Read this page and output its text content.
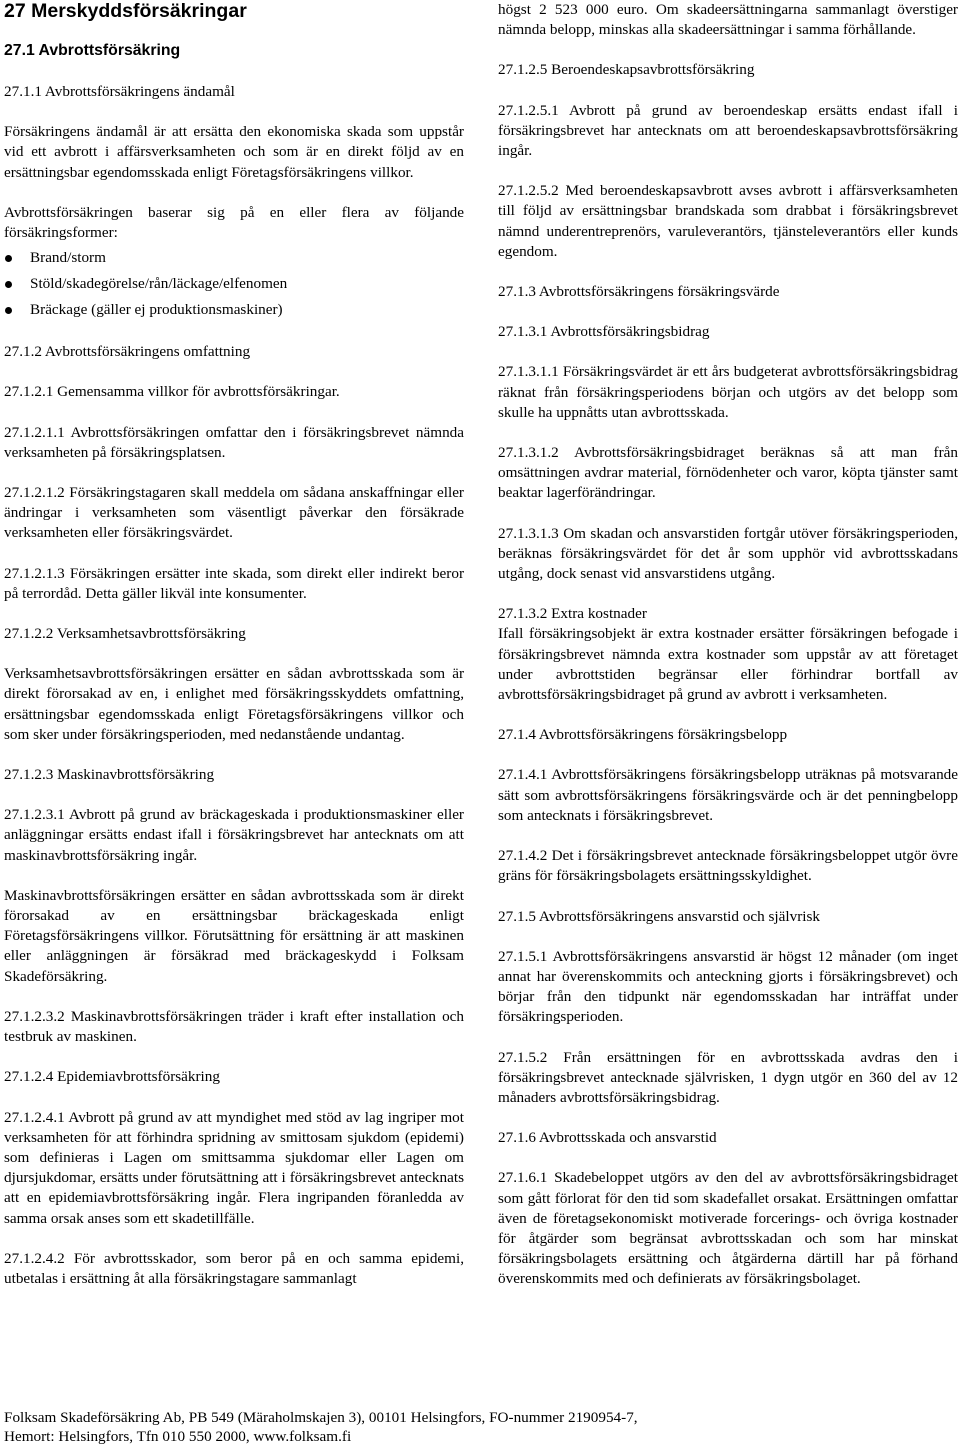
27 Merskyddsförsäkringar
27.1 Avbrottsförsäkring

27.1.1 Avbrottsförsäkringens ändamål

Försäkringens ändamål är att ersätta den ekonomiska skada som uppstår vid ett avbrott i affärsverksamheten och som är en direkt följd av en ersättningsbar egendomsskada enligt Företagsförsäkringens villkor.

Avbrottsförsäkringen baserar sig på en eller flera av följande försäkringsformer:

Brand/storm
Stöld/skadegörelse/rån/läckage/elfenomen
Bräckage (gäller ej produktionsmaskiner)

27.1.2 Avbrottsförsäkringens omfattning

27.1.2.1 Gemensamma villkor för avbrottsförsäkringar.

27.1.2.1.1 Avbrottsförsäkringen omfattar den i försäkringsbrevet nämnda verksamheten på försäkringsplatsen.

27.1.2.1.2 Försäkringstagaren skall meddela om sådana anskaffningar eller ändringar i verksamheten som väsentligt påverkar den försäkrade verksamheten eller försäkringsvärdet.

27.1.2.1.3 Försäkringen ersätter inte skada, som direkt eller indirekt beror på terrordåd. Detta gäller likväl inte konsumenter.

27.1.2.2 Verksamhetsavbrottsförsäkring

Verksamhetsavbrottsförsäkringen ersätter en sådan avbrottsskada som är direkt förorsakad av en, i enlighet med försäkringsskyddets omfattning, ersättningsbar egendomsskada enligt Företagsförsäkringens villkor och som sker under försäkringsperioden, med nedanstående undantag.

27.1.2.3 Maskinavbrottsförsäkring

27.1.2.3.1 Avbrott på grund av bräckageskada i produktionsmaskiner eller anläggningar ersätts endast ifall i försäkringsbrevet har antecknats om att maskinavbrottsförsäkring ingår.

Maskinavbrottsförsäkringen ersätter en sådan avbrottsskada som är direkt förorsakad av en ersättningsbar bräckageskada enligt Företagsförsäkringens villkor. Förutsättning för ersättning är att maskinen eller anläggningen är försäkrad med bräckageskydd i Folksam Skadeförsäkring.

27.1.2.3.2 Maskinavbrottsförsäkringen träder i kraft efter installation och testbruk av maskinen.

27.1.2.4 Epidemiavbrottsförsäkring

27.1.2.4.1 Avbrott på grund av att myndighet med stöd av lag ingriper mot verksamheten för att förhindra spridning av smittosam sjukdom (epidemi) som definieras i Lagen om smittsamma sjukdomar eller Lagen om djursjukdomar, ersätts under förutsättning att i försäkringsbrevet antecknats att en epidemiavbrottsförsäkring ingår. Flera ingripanden föranledda av samma orsak anses som ett skadetillfälle.

27.1.2.4.2 För avbrottsskador, som beror på en och samma epidemi, utbetalas i ersättning åt alla försäkringstagare sammanlagt

högst 2 523 000 euro. Om skadeersättningarna sammanlagt överstiger nämnda belopp, minskas alla skadeersättningar i samma förhållande.

27.1.2.5 Beroendeskapsavbrottsförsäkring

27.1.2.5.1 Avbrott på grund av beroendeskap ersätts endast ifall i försäkringsbrevet har antecknats om att beroendeskapsavbrottsförsäkring ingår.

27.1.2.5.2 Med beroendeskapsavbrott avses avbrott i affärsverksamheten till följd av ersättningsbar brandskada som drabbat i försäkringsbrevet nämnd underentreprenörs, varuleverantörs, tjänsteleverantörs eller kunds egendom.

27.1.3 Avbrottsförsäkringens försäkringsvärde

27.1.3.1 Avbrottsförsäkringsbidrag

27.1.3.1.1 Försäkringsvärdet är ett års budgeterat avbrottsförsäkringsbidrag räknat från försäkringsperiodens början och utgörs av det belopp som skulle ha uppnåtts utan avbrottsskada.

27.1.3.1.2 Avbrottsförsäkringsbidraget beräknas så att man från omsättningen avdrar material, förnödenheter och varor, köpta tjänster samt beaktar lagerförändringar.

27.1.3.1.3 Om skadan och ansvarstiden fortgår utöver försäkringsperioden, beräknas försäkringsvärdet för det år som upphör vid avbrottsskadans utgång, dock senast vid ansvarstidens utgång.

27.1.3.2 Extra kostnader

Ifall försäkringsobjekt är extra kostnader ersätter försäkringen befogade i försäkringsbrevet nämnda extra kostnader som uppstår av att företaget under avbrottstiden begränsar eller förhindrar bortfall av avbrottsförsäkringsbidraget på grund av avbrott i verksamheten.

27.1.4 Avbrottsförsäkringens försäkringsbelopp

27.1.4.1 Avbrottsförsäkringens försäkringsbelopp uträknas på motsvarande sätt som avbrottsförsäkringens försäkringsvärde och är det penningbelopp som antecknats i försäkringsbrevet.

27.1.4.2 Det i försäkringsbrevet antecknade försäkringsbeloppet utgör övre gräns för försäkringsbolagets ersättningsskyldighet.

27.1.5 Avbrottsförsäkringens ansvarstid och självrisk

27.1.5.1 Avbrottsförsäkringens ansvarstid är högst 12 månader (om inget annat har överenskommits och anteckning gjorts i försäkringsbrevet) och börjar från den tidpunkt när egendomsskadan har inträffat under försäkringsperioden.

27.1.5.2 Från ersättningen för en avbrottsskada avdras den i försäkringsbrevet antecknade självrisken, 1 dygn utgör en 360 del av 12 månaders avbrottsförsäkringsbidrag.

27.1.6 Avbrottsskada och ansvarstid

27.1.6.1 Skadebeloppet utgörs av den del av avbrottsförsäkringsbidraget som gått förlorat för den tid som skadefallet orsakat. Ersättningen omfattar även de företagsekonomiskt motiverade forcerings- och övriga kostnader för åtgärder som begränsat avbrottsskadan och som har minskat försäkringsbolagets ersättning och åtgärderna därtill har på förhand överenskommits med och definierats av försäkringsbolaget.

Folksam Skadeförsäkring Ab, PB 549 (Märaholmskajen 3), 00101 Helsingfors, FO-nummer 2190954-7,
Hemort: Helsingfors, Tfn 010 550 2000, www.folksam.fi
